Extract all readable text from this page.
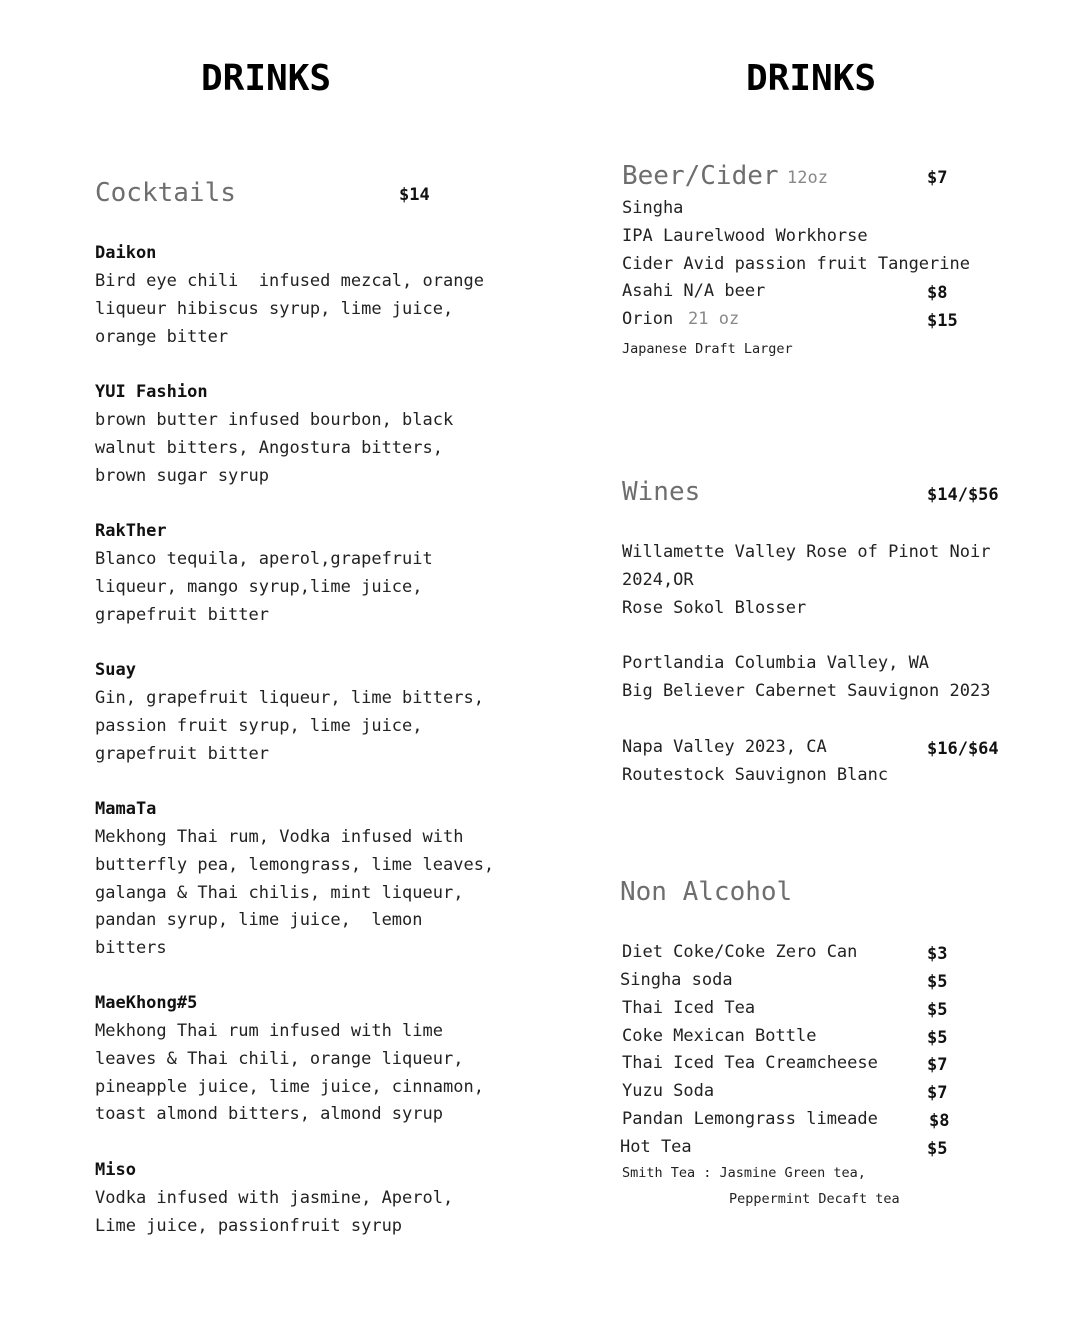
DRINKS
Cocktails	$14
Daikon
Bird eye chili  infused mezcal, orange
liqueur hibiscus syrup, lime juice,
orange bitter
YUI Fashion
brown butter infused bourbon, black
walnut bitters, Angostura bitters,
brown sugar syrup
RakTher
Blanco tequila, aperol,grapefruit
liqueur, mango syrup,lime juice,
grapefruit bitter
Suay
Gin, grapefruit liqueur, lime bitters,
passion fruit syrup, lime juice,
grapefruit bitter
MamaTa
Mekhong Thai rum, Vodka infused with
butterfly pea, lemongrass, lime leaves,
galanga & Thai chilis, mint liqueur,
pandan syrup, lime juice,  lemon
bitters
MaeKhong#5
Mekhong Thai rum infused with lime
leaves & Thai chili, orange liqueur,
pineapple juice, lime juice, cinnamon,
toast almond bitters, almond syrup
Miso
Vodka infused with jasmine, Aperol,
Lime juice, passionfruit syrup
DRINKS
Beer/Cider 12oz	$7
Singha
IPA Laurelwood Workhorse
Cider Avid passion fruit Tangerine
Asahi N/A beer	$8
Orion 21 oz	$15
Japanese Draft Larger
Wines	$14/$56
Willamette Valley Rose of Pinot Noir
2024,OR
Rose Sokol Blosser
Portlandia Columbia Valley, WA
Big Believer Cabernet Sauvignon 2023
Napa Valley 2023, CA	$16/$64
Routestock Sauvignon Blanc
Non Alcohol
Diet Coke/Coke Zero Can	$3
Singha soda	$5
Thai Iced Tea	$5
Coke Mexican Bottle	$5
Thai Iced Tea Creamcheese	$7
Yuzu Soda	$7
Pandan Lemongrass limeade	$8
Hot Tea	$5
Smith Tea : Jasmine Green tea,
Peppermint Decaft tea
